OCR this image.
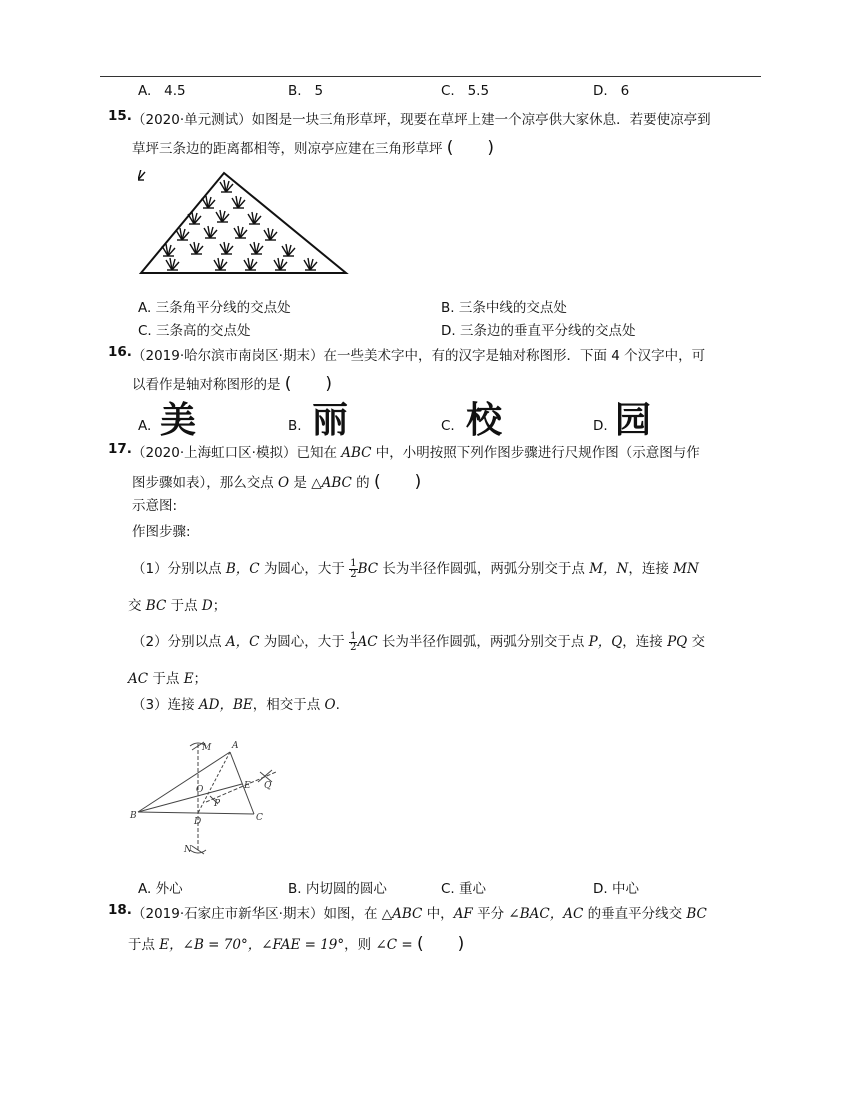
A. 4.5	B. 5	C. 5.5	D. 6
15. （2020·单元测试）如图是一块三角形草坪，现要在草坪上建一个凉亭供大家休息．若要使凉亭到
草坪三条边的距离都相等，则凉亭应建在三角形草坪 (　　)
A. 三条角平分线的交点处	B. 三条中线的交点处
C. 三条高的交点处	D. 三条边的垂直平分线的交点处
16. （2019·哈尔滨市南岗区·期末）在一些美术字中，有的汉字是轴对称图形．下面 4 个汉字中，可
以看作是轴对称图形的是 (　　)
A. 美	B. 丽	C. 校	D. 园
17. （2020·上海虹口区·模拟）已知在 ABC 中，小明按照下列作图步骤进行尺规作图（示意图与作
图步骤如表），那么交点 O 是 △ABC 的 (　　)
示意图:
作图步骤:
（1）分别以点 B，C 为圆心，大于 $\frac{1}{2}$ BC 长为半径作圆弧，两弧分别交于点 M，N，连接 MN
交 BC 于点 D；
（2）分别以点 A，C 为圆心，大于 $\frac{1}{2}$ AC 长为半径作圆弧，两弧分别交于点 P，Q，连接 PQ 交
AC 于点 E；
（3）连接 AD，BE，相交于点 O.
M A
O
P
E Q
B
D	C
N
A. 外心	B. 内切圆的圆心	C. 重心	D. 中心
18. （2019·石家庄市新华区·期末）如图，在 △ABC 中，AF 平分 ∠BAC，AC 的垂直平分线交 BC
于点 E，∠B = 70°，∠FAE = 19°，则 ∠C = (　　)
